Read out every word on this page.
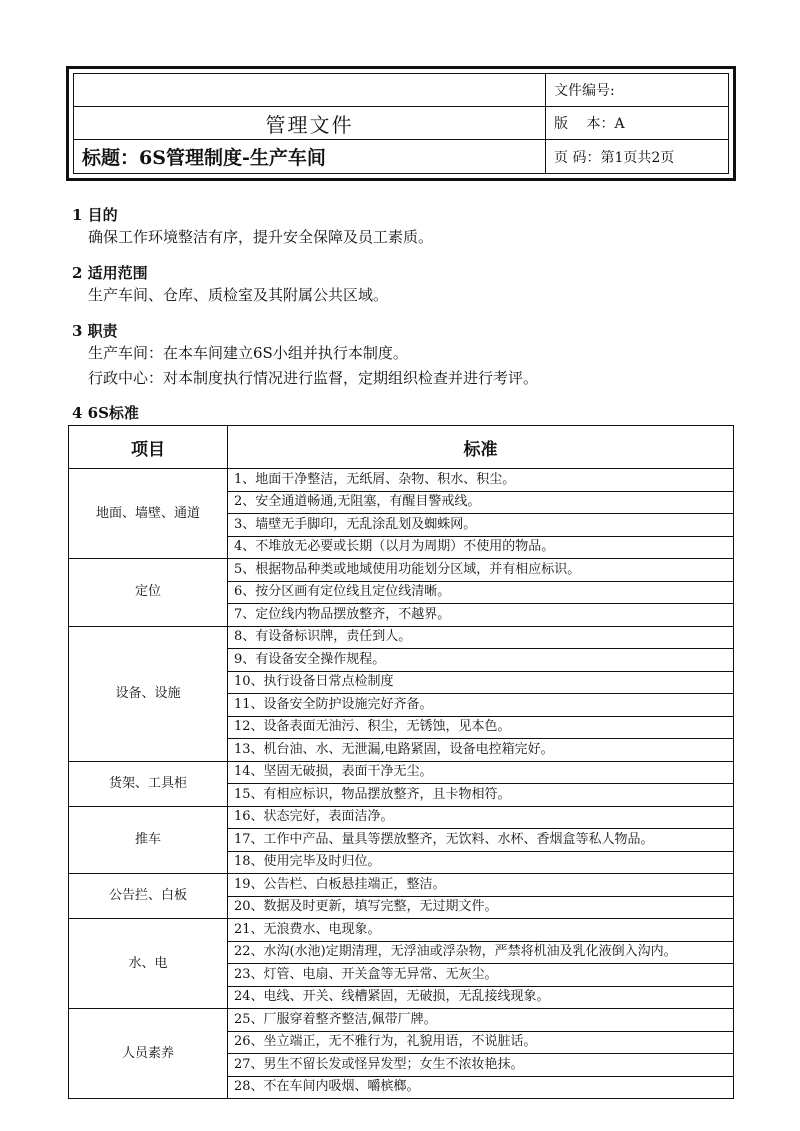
	文件编号:
管理文件	版　 本：A
标题：6S管理制度-生产车间	页 码：第1页共2页

1 目的

确保工作环境整洁有序，提升安全保障及员工素质。

2 适用范围

生产车间、仓库、质检室及其附属公共区域。

3 职责

生产车间：在本车间建立6S小组并执行本制度。

行政中心：对本制度执行情况进行监督，定期组织检查并进行考评。

4 6S标准

项目	标准
地面、墙壁、通道	1、地面干净整洁，无纸屑、杂物、积水、积尘。
	2、安全通道畅通,无阻塞，有醒目警戒线。
	3、墙壁无手脚印，无乱涂乱划及蜘蛛网。
	4、不堆放无必要或长期（以月为周期）不使用的物品。
定位	5、根据物品种类或地域使用功能划分区域，并有相应标识。
	6、按分区画有定位线且定位线清晰。
	7、定位线内物品摆放整齐，不越界。
设备、设施	8、有设备标识牌，责任到人。
	9、有设备安全操作规程。
	10、执行设备日常点检制度
	11、设备安全防护设施完好齐备。
	12、设备表面无油污、积尘，无锈蚀，见本色。
	13、机台油、水、无泄漏,电路紧固，设备电控箱完好。
货架、工具柜	14、坚固无破损，表面干净无尘。
	15、有相应标识，物品摆放整齐，且卡物相符。
推车	16、状态完好，表面洁净。
	17、工作中产品、量具等摆放整齐，无饮料、水杯、香烟盒等私人物品。
	18、使用完毕及时归位。
公告拦、白板	19、公告栏、白板悬挂端正，整洁。
	20、数据及时更新，填写完整，无过期文件。
水、电	21、无浪费水、电现象。
	22、水沟(水池)定期清理，无浮油或浮杂物，严禁将机油及乳化液倒入沟内。
	23、灯管、电扇、开关盒等无异常、无灰尘。
	24、电线、开关、线槽紧固，无破损，无乱接线现象。
人员素养	25、厂服穿着整齐整洁,佩带厂牌。
	26、坐立端正，无不雅行为，礼貌用语，不说脏话。
	27、男生不留长发或怪异发型；女生不浓妆艳抹。
	28、不在车间内吸烟、嚼槟榔。
